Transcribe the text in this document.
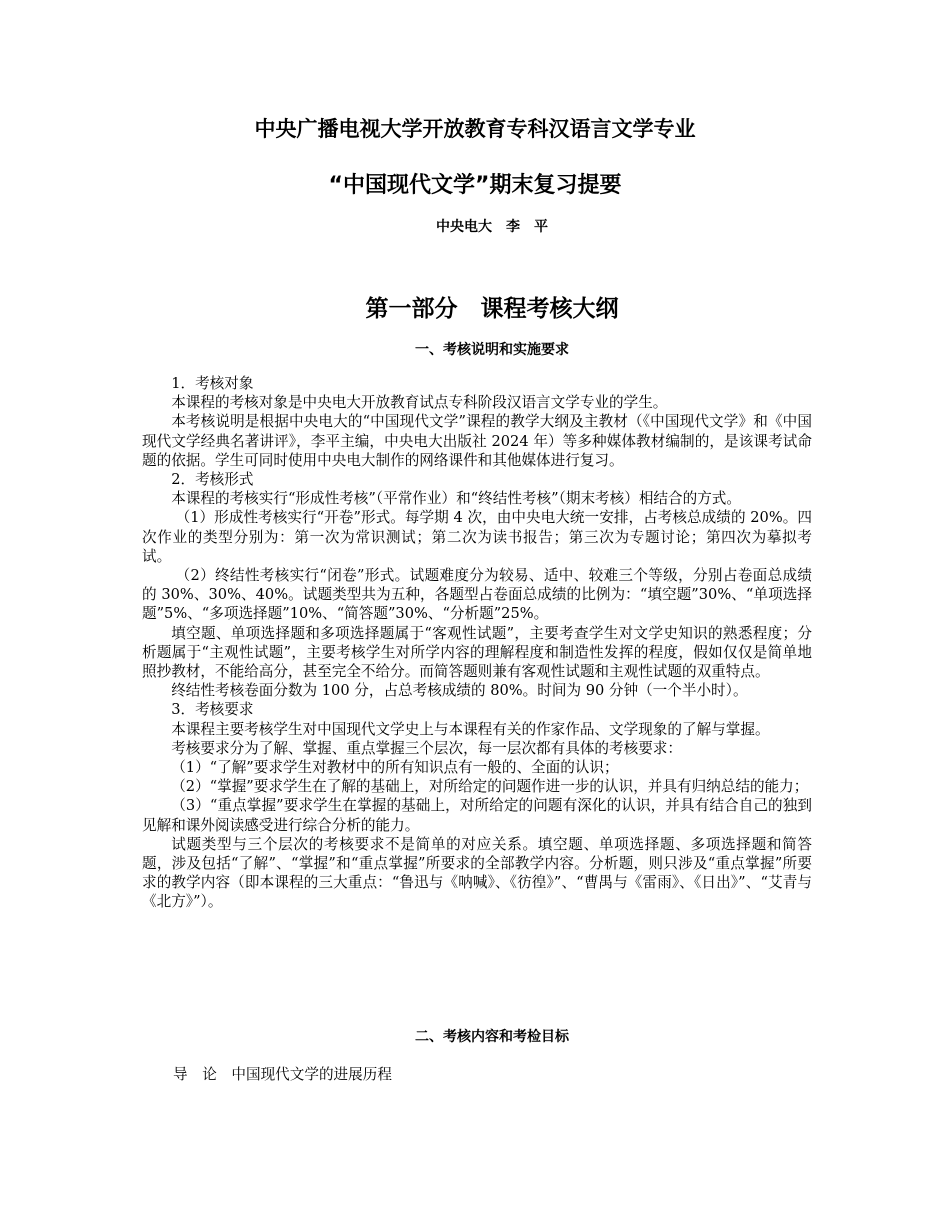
中央广播电视大学开放教育专科汉语言文学专业
“中国现代文学”期末复习提要
中央电大　李　平
第一部分　课程考核大纲
一、考核说明和实施要求

1．考核对象

本课程的考核对象是中央电大开放教育试点专科阶段汉语言文学专业的学生。

本考核说明是根据中央电大的“中国现代文学”课程的教学大纲及主教材（《中国现代文学》和《中国现代文学经典名著讲评》，李平主编，中央电大出版社 2024 年）等多种媒体教材编制的，是该课考试命题的依据。学生可同时使用中央电大制作的网络课件和其他媒体进行复习。

2．考核形式

本课程的考核实行“形成性考核”（平常作业）和“终结性考核”（期末考核）相结合的方式。

（1）形成性考核实行“开卷”形式。每学期 4 次，由中央电大统一安排，占考核总成绩的 20%。四次作业的类型分别为：第一次为常识测试；第二次为读书报告；第三次为专题讨论；第四次为摹拟考试。

（2）终结性考核实行“闭卷”形式。试题难度分为较易、适中、较难三个等级，分别占卷面总成绩的 30%、30%、40%。试题类型共为五种，各题型占卷面总成绩的比例为：“填空题”30%、“单项选择题”5%、“多项选择题”10%、“简答题”30%、“分析题”25%。

填空题、单项选择题和多项选择题属于“客观性试题”，主要考查学生对文学史知识的熟悉程度；分析题属于“主观性试题”，主要考核学生对所学内容的理解程度和制造性发挥的程度，假如仅仅是简单地照抄教材，不能给高分，甚至完全不给分。而简答题则兼有客观性试题和主观性试题的双重特点。

终结性考核卷面分数为 100 分，占总考核成绩的 80%。时间为 90 分钟（一个半小时）。

3．考核要求

本课程主要考核学生对中国现代文学史上与本课程有关的作家作品、文学现象的了解与掌握。

考核要求分为了解、掌握、重点掌握三个层次，每一层次都有具体的考核要求：

（1）“了解”要求学生对教材中的所有知识点有一般的、全面的认识；

（2）“掌握”要求学生在了解的基础上，对所给定的问题作进一步的认识，并具有归纳总结的能力；

（3）“重点掌握”要求学生在掌握的基础上，对所给定的问题有深化的认识，并具有结合自己的独到见解和课外阅读感受进行综合分析的能力。

试题类型与三个层次的考核要求不是简单的对应关系。填空题、单项选择题、多项选择题和简答题，涉及包括“了解”、“掌握”和“重点掌握”所要求的全部教学内容。分析题，则只涉及“重点掌握”所要求的教学内容（即本课程的三大重点：“鲁迅与《呐喊》、《彷徨》”、“曹禺与《雷雨》、《日出》”、“艾青与《北方》”）。

二、考核内容和考检目标
导　论　中国现代文学的进展历程
